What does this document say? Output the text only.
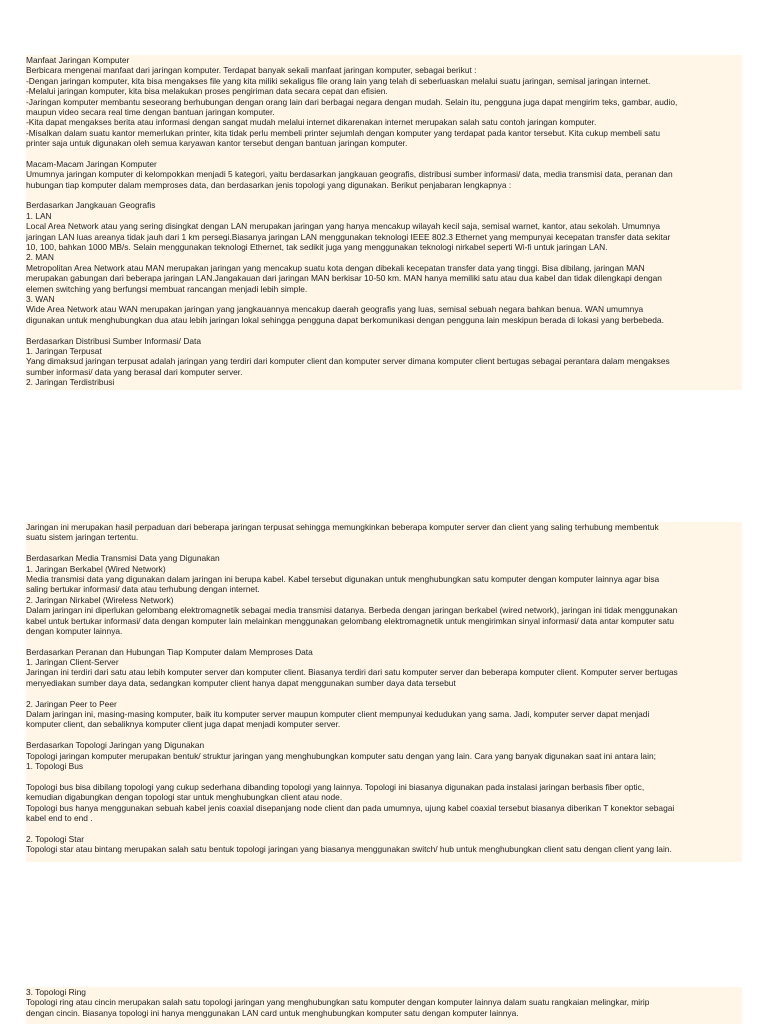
Manfaat Jaringan Komputer
Berbicara mengenai manfaat dari jaringan komputer. Terdapat banyak sekali manfaat jaringan komputer, sebagai berikut :
-Dengan jaringan komputer, kita bisa mengakses file yang kita miliki sekaligus file orang lain yang telah di seberluaskan melalui suatu jaringan, semisal jaringan internet.
-Melalui jaringan komputer, kita bisa melakukan proses pengiriman data secara cepat dan efisien.
-Jaringan komputer membantu seseorang berhubungan dengan orang lain dari berbagai negara dengan mudah. Selain itu, pengguna juga dapat mengirim teks, gambar, audio,
maupun video secara real time dengan bantuan jaringan komputer.
-Kita dapat mengakses berita atau informasi dengan sangat mudah melalui internet dikarenakan internet merupakan salah satu contoh jaringan komputer.
-Misalkan dalam suatu kantor memerlukan printer, kita tidak perlu membeli printer sejumlah dengan komputer yang terdapat pada kantor tersebut. Kita cukup membeli satu
printer saja untuk digunakan oleh semua karyawan kantor tersebut dengan bantuan jaringan komputer.
Macam-Macam Jaringan Komputer
Umumnya jaringan komputer di kelompokkan menjadi 5 kategori, yaitu berdasarkan jangkauan geografis, distribusi sumber informasi/ data, media transmisi data, peranan dan
hubungan tiap komputer dalam memproses data, dan berdasarkan jenis topologi yang digunakan. Berikut penjabaran lengkapnya :
Berdasarkan Jangkauan Geografis
1. LAN
Local Area Network atau yang sering disingkat dengan LAN merupakan jaringan yang hanya mencakup wilayah kecil saja, semisal warnet, kantor, atau sekolah. Umumnya
jaringan LAN luas areanya tidak jauh dari 1 km persegi.Biasanya jaringan LAN menggunakan teknologi IEEE 802.3 Ethernet yang mempunyai kecepatan transfer data sekitar
10, 100, bahkan 1000 MB/s. Selain menggunakan teknologi Ethernet, tak sedikit juga yang menggunakan teknologi nirkabel seperti Wi-fi untuk jaringan LAN.
2. MAN
Metropolitan Area Network atau MAN merupakan jaringan yang mencakup suatu kota dengan dibekali kecepatan transfer data yang tinggi. Bisa dibilang, jaringan MAN
merupakan gabungan dari beberapa jaringan LAN.Jangakauan dari jaringan MAN berkisar 10-50 km. MAN hanya memiliki satu atau dua kabel dan tidak dilengkapi dengan
elemen switching yang berfungsi membuat rancangan menjadi lebih simple.
3. WAN
Wide Area Network atau WAN merupakan jaringan yang jangkauannya mencakup daerah geografis yang luas, semisal sebuah negara bahkan benua. WAN umumnya
digunakan untuk menghubungkan dua atau lebih jaringan lokal sehingga pengguna dapat berkomunikasi dengan pengguna lain meskipun berada di lokasi yang berbebeda.
Berdasarkan Distribusi Sumber Informasi/ Data
1. Jaringan Terpusat
Yang dimaksud jaringan terpusat adalah jaringan yang terdiri dari komputer client dan komputer server dimana komputer client bertugas sebagai perantara dalam mengakses
sumber informasi/ data yang berasal dari komputer server.
2. Jaringan Terdistribusi
Jaringan ini merupakan hasil perpaduan dari beberapa jaringan terpusat sehingga memungkinkan beberapa komputer server dan client yang saling terhubung membentuk
suatu sistem jaringan tertentu.
Berdasarkan Media Transmisi Data yang Digunakan
1. Jaringan Berkabel (Wired Network)
Media transmisi data yang digunakan dalam jaringan ini berupa kabel. Kabel tersebut digunakan untuk menghubungkan satu komputer dengan komputer lainnya agar bisa
saling bertukar informasi/ data atau terhubung dengan internet.
2. Jaringan Nirkabel (Wireless Network)
Dalam jaringan ini diperlukan gelombang elektromagnetik sebagai media transmisi datanya. Berbeda dengan jaringan berkabel (wired network), jaringan ini tidak menggunakan
kabel untuk bertukar informasi/ data dengan komputer lain melainkan menggunakan gelombang elektromagnetik untuk mengirimkan sinyal informasi/ data antar komputer satu
dengan komputer lainnya.
Berdasarkan Peranan dan Hubungan Tiap Komputer dalam Memproses Data
1. Jaringan Client-Server
Jaringan ini terdiri dari satu atau lebih komputer server dan komputer client. Biasanya terdiri dari satu komputer server dan beberapa komputer client. Komputer server bertugas
menyediakan sumber daya data, sedangkan komputer client hanya dapat menggunakan sumber daya data tersebut
2. Jaringan Peer to Peer
Dalam jaringan ini, masing-masing komputer, baik itu komputer server maupun komputer client mempunyai kedudukan yang sama. Jadi, komputer server dapat menjadi
komputer client, dan sebaliknya komputer client juga dapat menjadi komputer server.
Berdasarkan Topologi Jaringan yang Digunakan
Topologi jaringan komputer merupakan bentuk/ struktur jaringan yang menghubungkan komputer satu dengan yang lain. Cara yang banyak digunakan saat ini antara lain;
1. Topologi Bus
Topologi bus bisa dibilang topologi yang cukup sederhana dibanding topologi yang lainnya. Topologi ini biasanya digunakan pada instalasi jaringan berbasis fiber optic,
kemudian digabungkan dengan topologi star untuk menghubungkan client atau node.
Topologi bus hanya menggunakan sebuah kabel jenis coaxial disepanjang node client dan pada umumnya, ujung kabel coaxial tersebut biasanya diberikan T konektor sebagai
kabel end to end .
2. Topologi Star
Topologi star atau bintang merupakan salah satu bentuk topologi jaringan yang biasanya menggunakan switch/ hub untuk menghubungkan client satu dengan client yang lain.
3. Topologi Ring
Topologi ring atau cincin merupakan salah satu topologi jaringan yang menghubungkan satu komputer dengan komputer lainnya dalam suatu rangkaian melingkar, mirip
dengan cincin. Biasanya topologi ini hanya menggunakan LAN card untuk menghubungkan komputer satu dengan komputer lainnya.
